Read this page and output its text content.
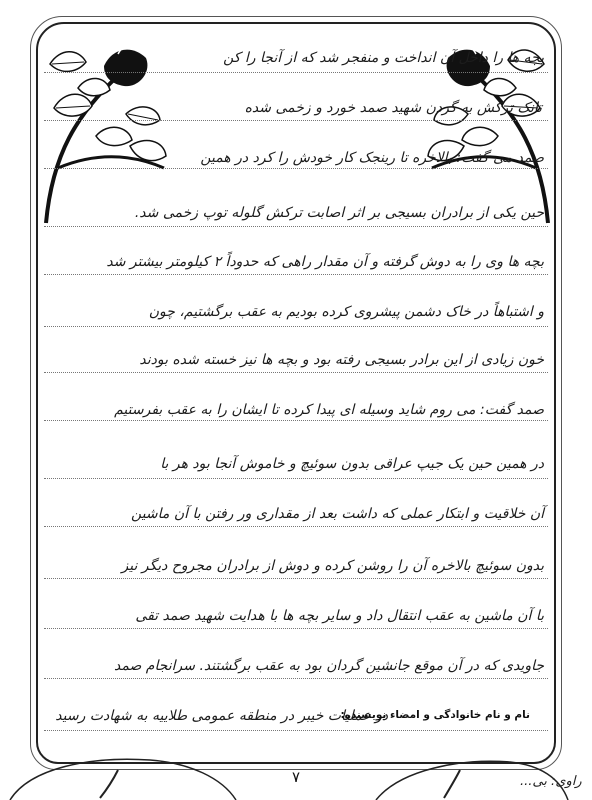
بچه ها را داخل آن انداخت و منفجر شد که از آنجا را کن
تانک ترکش به گردن شهید صمد خورد و زخمی شده
صمد می گفت: بالاخره تا رینجک کار خودش را کرد در همین
حین یکی از برادران بسیجی بر اثر اصابت ترکش گلوله توپ زخمی شد.
بچه ها وی را به دوش گرفته و آن مقدار راهی که حدوداً ۲ کیلومتر بیشتر شد
و اشتباهاً در خاک دشمن پیشروی کرده بودیم به عقب برگشتیم، چون
خون زیادی از این برادر بسیجی رفته بود و بچه ها نیز خسته شده بودند
صمد گفت: می روم شاید وسیله ای پیدا کرده تا ایشان را به عقب بفرستیم
در همین حین یک جیپ عراقی بدون سوئیچ و خاموش آنجا بود هر با
آن خلاقیت و ابتکار عملی که داشت بعد از مقداری ور رفتن با آن ماشین
بدون سوئیچ بالاخره آن را روشن کرده و دوش از برادران مجروح دیگر نیز
با آن ماشین به عقب انتقال داد و سایر بچه ها با هدایت شهید صمد تقی
جاویدی که در آن موقع جانشین گردان بود به عقب برگشتند. سرانجام صمد
در عملیات خیبر در منطقه عمومی طلاییه به شهادت رسید
نام و نام خانوادگی و امضاء نویسنده:
۷	راوی: بی...
